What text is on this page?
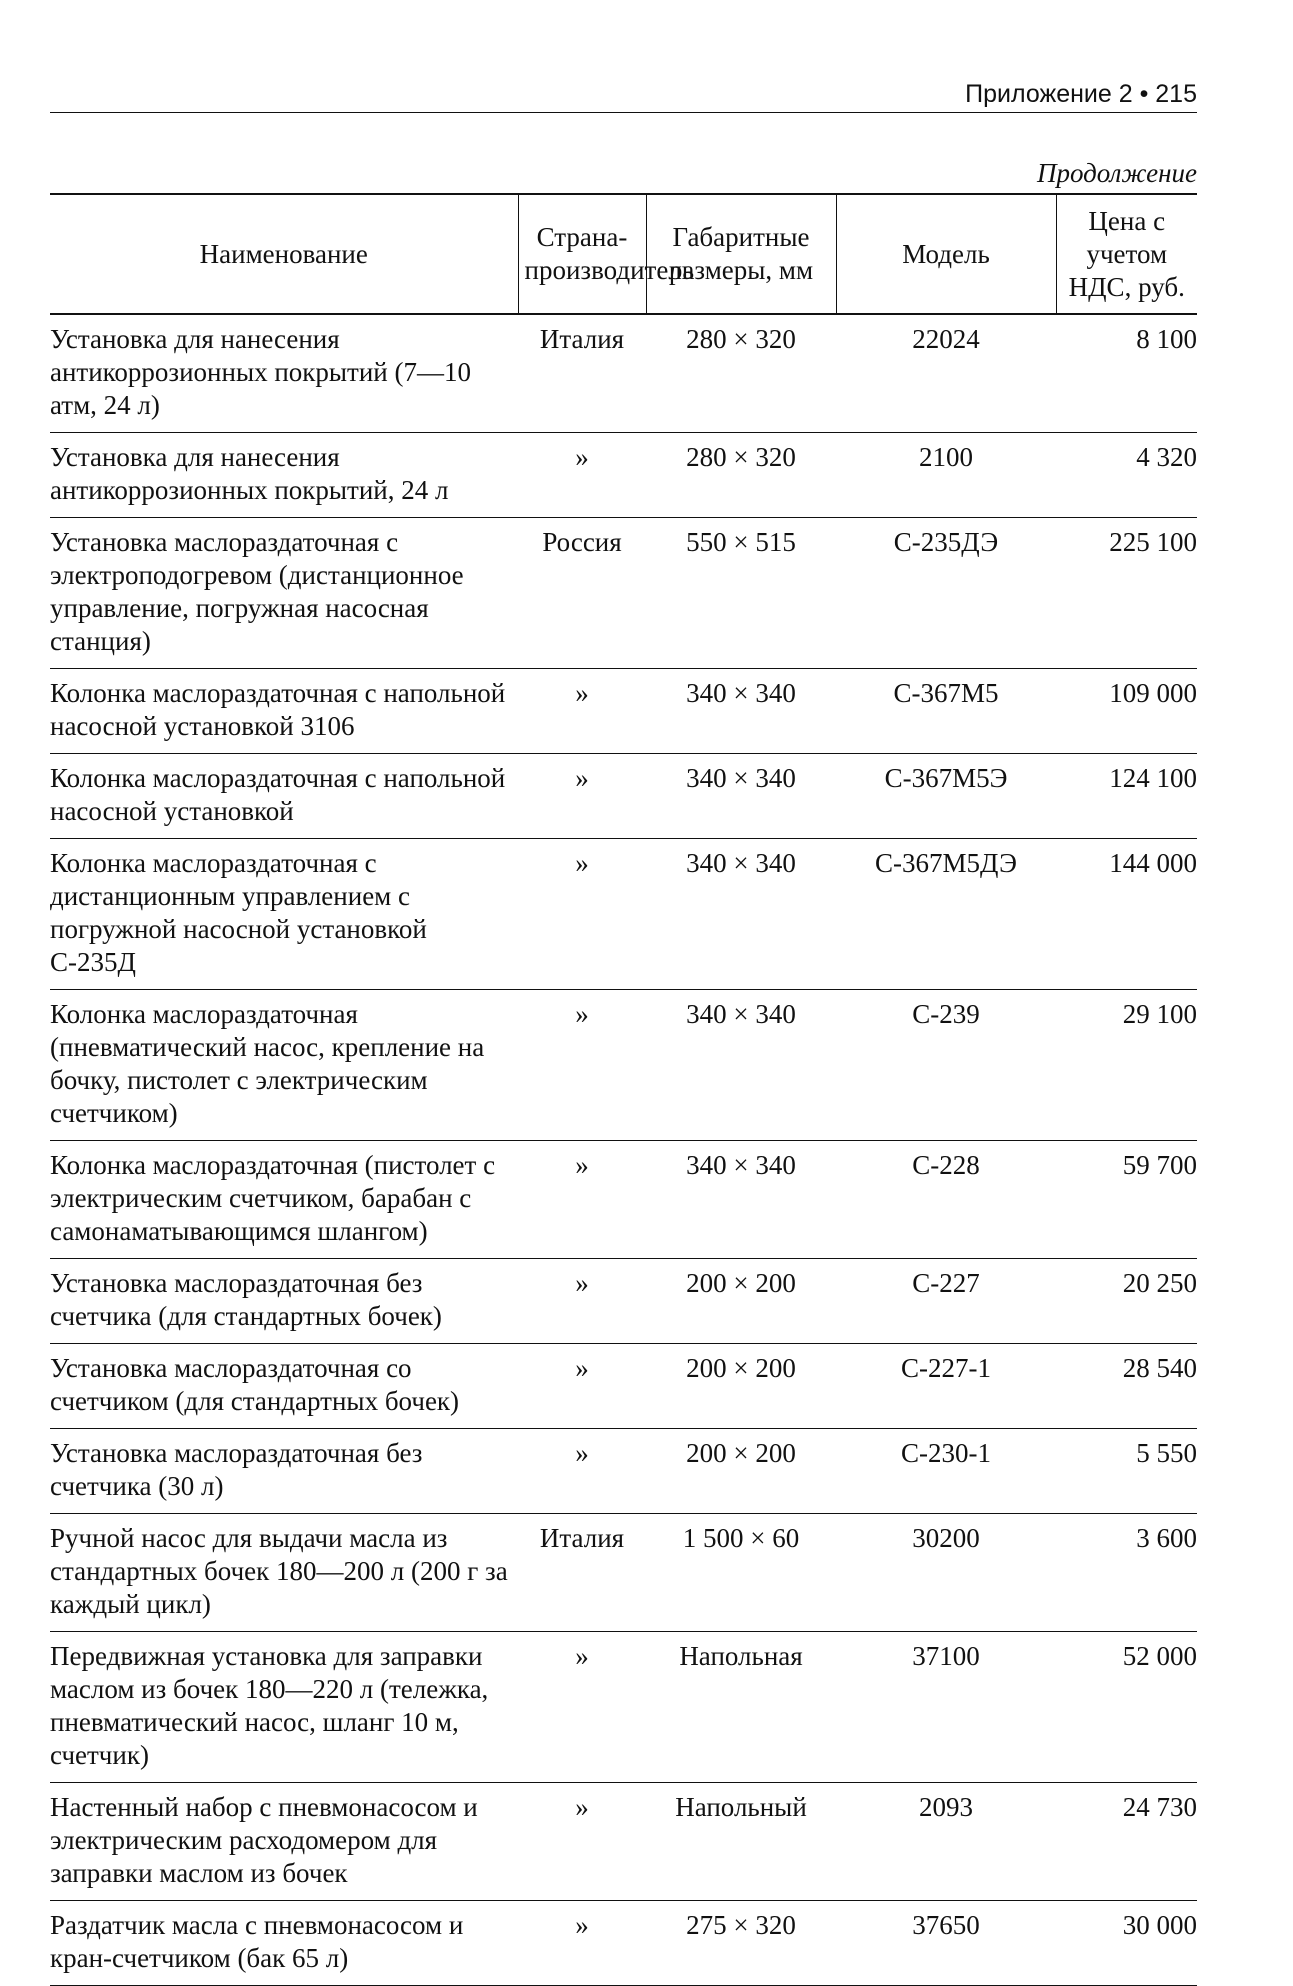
Приложение 2 • 215
Продолжение
Наименование	Страна-производитель	Габаритные размеры, мм	Модель	Цена с учетом НДС, руб.
Установка для нанесения антикоррозионных покрытий (7—10 атм, 24 л)	Италия	280 × 320	22024	8 100
Установка для нанесения антикоррозионных покрытий, 24 л	»	280 × 320	2100	4 320
Установка маслораздаточная с электроподогревом (дистанционное управление, погружная насосная станция)	Россия	550 × 515	С-235ДЭ	225 100
Колонка маслораздаточная с напольной насосной установкой 3106	»	340 × 340	С-367М5	109 000
Колонка маслораздаточная с напольной насосной установкой	»	340 × 340	С-367М5Э	124 100
Колонка маслораздаточная с дистанционным управлением с погружной насосной установкой С-235Д	»	340 × 340	С-367М5ДЭ	144 000
Колонка маслораздаточная (пневматический насос, крепление на бочку, пистолет с электрическим счетчиком)	»	340 × 340	С-239	29 100
Колонка маслораздаточная (пистолет с электрическим счетчиком, барабан с самонаматывающимся шлангом)	»	340 × 340	С-228	59 700
Установка маслораздаточная без счетчика (для стандартных бочек)	»	200 × 200	С-227	20 250
Установка маслораздаточная со счетчиком (для стандартных бочек)	»	200 × 200	С-227-1	28 540
Установка маслораздаточная без счетчика (30 л)	»	200 × 200	С-230-1	5 550
Ручной насос для выдачи масла из стандартных бочек 180—200 л (200 г за каждый цикл)	Италия	1 500 × 60	30200	3 600
Передвижная установка для заправки маслом из бочек 180—220 л (тележка, пневматический насос, шланг 10 м, счетчик)	»	Напольная	37100	52 000
Настенный набор с пневмонасосом и электрическим расходомером для заправки маслом из бочек	»	Напольный	2093	24 730
Раздатчик масла с пневмонасосом и кран-счетчиком (бак 65 л)	»	275 × 320	37650	30 000
